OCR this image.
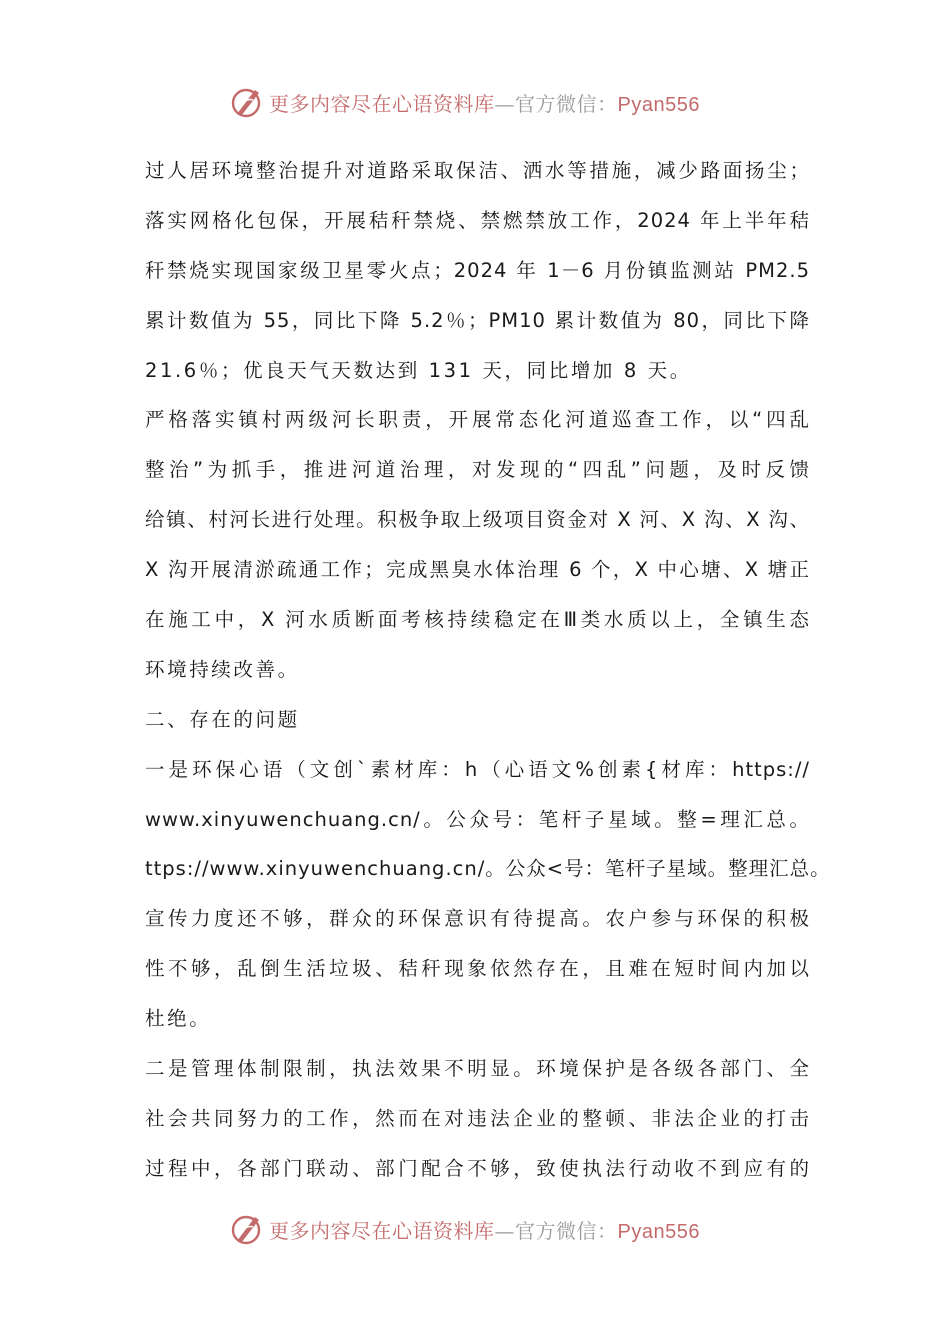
更多内容尽在心语资料库—官方微信：Pyan556
过人居环境整治提升对道路采取保洁、洒水等措施，减少路面扬尘；
落实网格化包保，开展秸秆禁烧、禁燃禁放工作，2024 年上半年秸
秆禁烧实现国家级卫星零火点；2024 年 1－6 月份镇监测站 PM2.5
累计数值为 55，同比下降 5.2％；PM10 累计数值为 80，同比下降
21.6％；优良天气天数达到 131 天，同比增加 8 天。
严格落实镇村两级河长职责，开展常态化河道巡查工作，以“四乱
整治”为抓手，推进河道治理，对发现的“四乱”问题，及时反馈
给镇、村河长进行处理。积极争取上级项目资金对 X 河、X 沟、X 沟、
X 沟开展清淤疏通工作；完成黑臭水体治理 6 个，X 中心塘、X 塘正
在施工中，X 河水质断面考核持续稳定在Ⅲ类水质以上，全镇生态
环境持续改善。
二、存在的问题
一是环保心语（文创`素材库：h（心语文%创素{材库：https://
www.xinyuwenchuang.cn/。公众号：笔杆子星域。整=理汇总。
ttps://www.xinyuwenchuang.cn/。公众<号：笔杆子星域。整理汇总。
宣传力度还不够，群众的环保意识有待提高。农户参与环保的积极
性不够，乱倒生活垃圾、秸秆现象依然存在，且难在短时间内加以
杜绝。
二是管理体制限制，执法效果不明显。环境保护是各级各部门、全
社会共同努力的工作，然而在对违法企业的整顿、非法企业的打击
过程中，各部门联动、部门配合不够，致使执法行动收不到应有的
更多内容尽在心语资料库—官方微信：Pyan556
